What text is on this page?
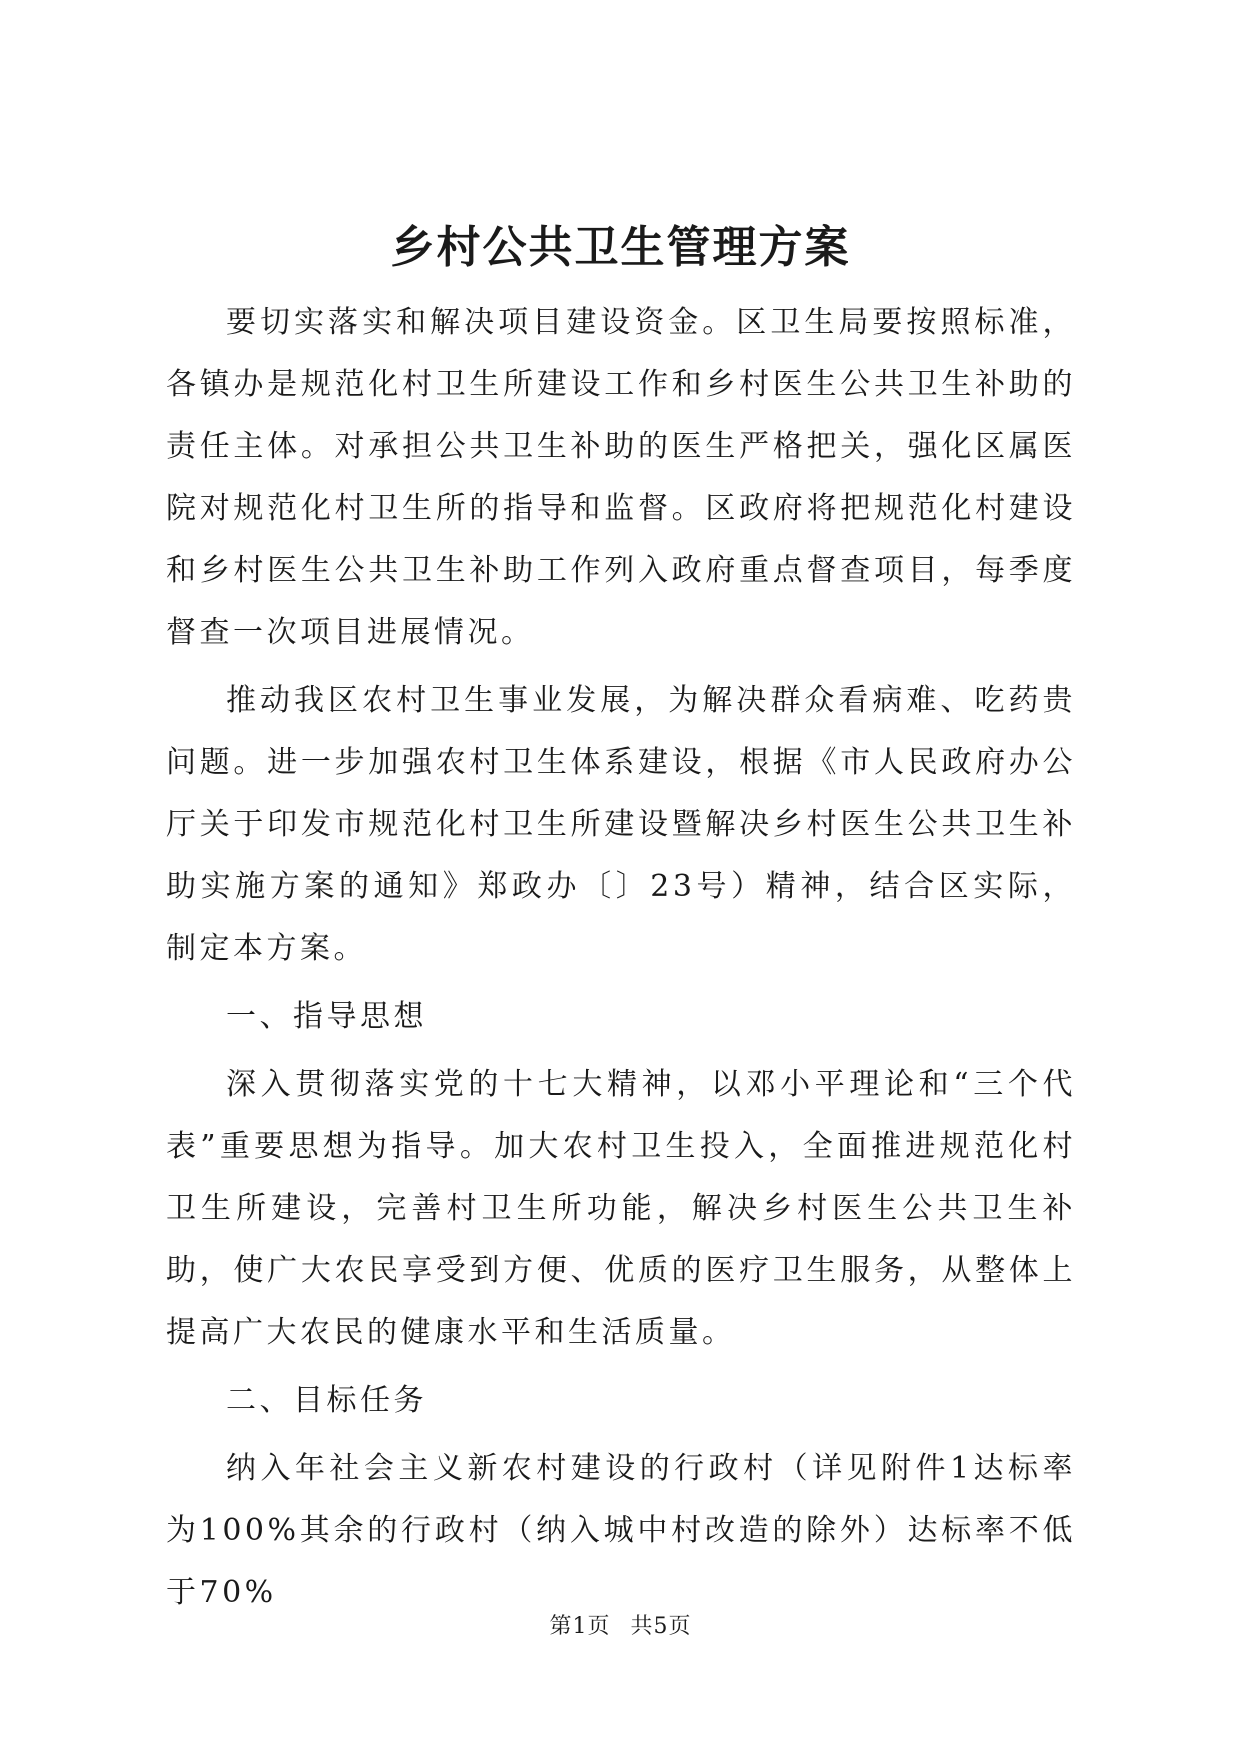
乡村公共卫生管理方案

要切实落实和解决项目建设资金。区卫生局要按照标准，各镇办是规范化村卫生所建设工作和乡村医生公共卫生补助的责任主体。对承担公共卫生补助的医生严格把关，强化区属医院对规范化村卫生所的指导和监督。区政府将把规范化村建设和乡村医生公共卫生补助工作列入政府重点督查项目，每季度督查一次项目进展情况。

推动我区农村卫生事业发展，为解决群众看病难、吃药贵问题。进一步加强农村卫生体系建设，根据《市人民政府办公厅关于印发市规范化村卫生所建设暨解决乡村医生公共卫生补助实施方案的通知》郑政办〔〕23号）精神，结合区实际，制定本方案。

一、指导思想

深入贯彻落实党的十七大精神，以邓小平理论和“三个代表”重要思想为指导。加大农村卫生投入，全面推进规范化村卫生所建设，完善村卫生所功能，解决乡村医生公共卫生补助，使广大农民享受到方便、优质的医疗卫生服务，从整体上提高广大农民的健康水平和生活质量。

二、目标任务

纳入年社会主义新农村建设的行政村（详见附件1达标率为100%其余的行政村（纳入城中村改造的除外）达标率不低于70%

第1页 共5页
